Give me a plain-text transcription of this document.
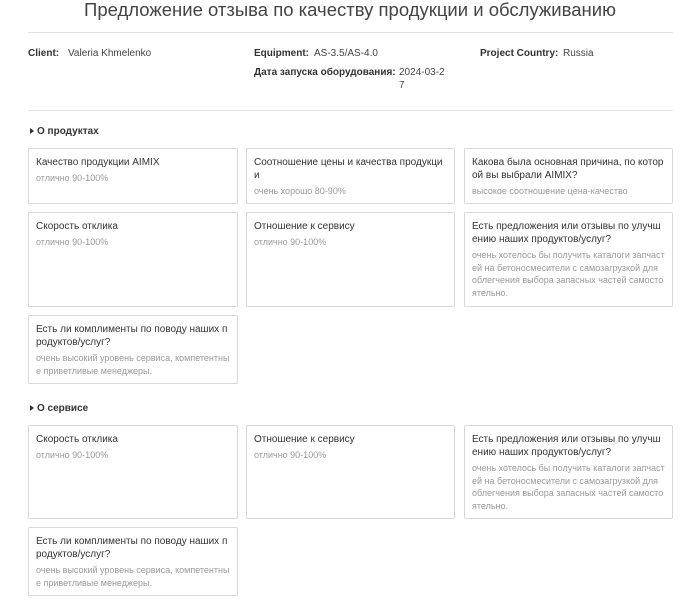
Предложение отзыва по качеству продукции и обслуживанию
Client: Valeria Khmelenko	Equipment: AS-3.5/AS-4.0
Дата запуска оборудования: 2024-03-27
Project Country: Russia
О продуктах
Качество продукции AIMIX
отлично 90-100%
Соотношение цены и качества продукции
очень хорошо 80-90%
Какова была основная причина, по которой вы выбрали AIMIX?
высокое соотношение цена-качество
Скорость отклика
отлично 90-100%
Отношение к сервису
отлично 90-100%
Есть предложения или отзывы по улучшению наших продуктов/услуг?
очень хотелось бы получить каталоги запчастей на бетоносмесители с самозагрузкой для облегчения выбора запасных частей самостоятельно.
Есть ли комплименты по поводу наших продуктов/услуг?
очень высокий уровень сервиса, компетентные приветливые менеджеры.
О сервисе
Скорость отклика
отлично 90-100%
Отношение к сервису
отлично 90-100%
Есть предложения или отзывы по улучшению наших продуктов/услуг?
очень хотелось бы получить каталоги запчастей на бетоносмесители с самозагрузкой для облегчения выбора запасных частей самостоятельно.
Есть ли комплименты по поводу наших продуктов/услуг?
очень высокий уровень сервиса, компетентные приветливые менеджеры.
